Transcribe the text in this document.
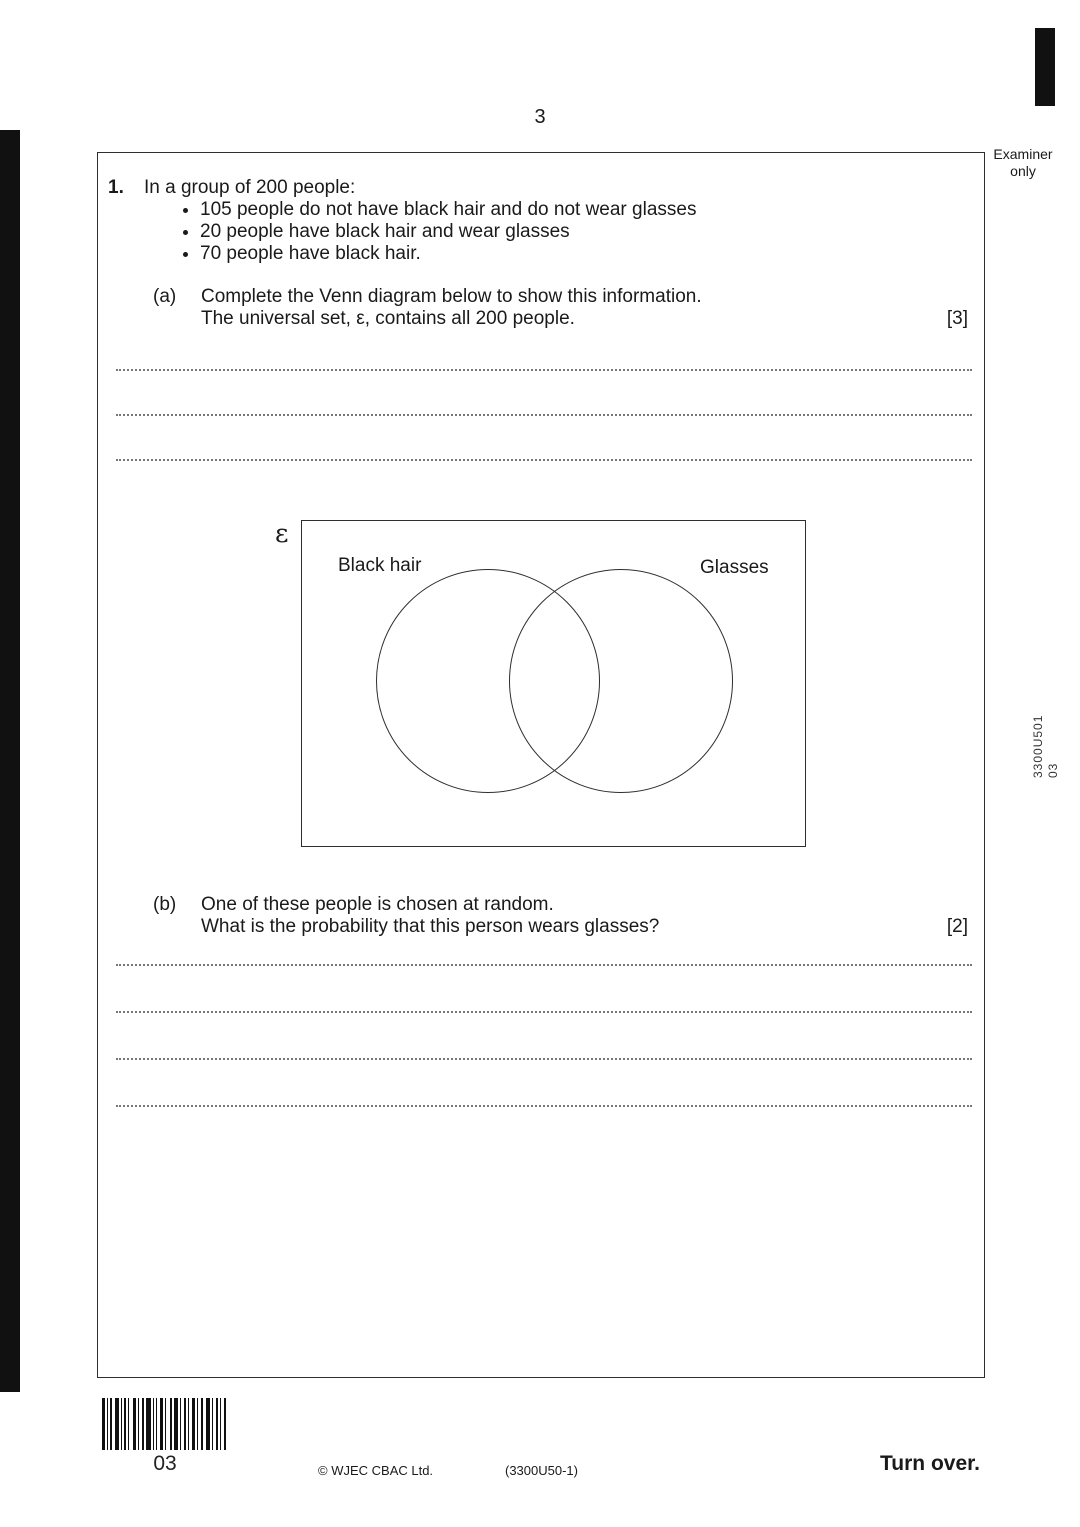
3
Examiner
only
1. In a group of 200 people:
• 105 people do not have black hair and do not wear glasses
• 20 people have black hair and wear glasses
• 70 people have black hair.
(a) Complete the Venn diagram below to show this information.
The universal set, ε, contains all 200 people.	[3]
ε
Black hair	Glasses
(b) One of these people is chosen at random.
What is the probability that this person wears glasses?	[2]
3300U501 03
03	© WJEC CBAC Ltd.	(3300U50-1)	Turn over.
